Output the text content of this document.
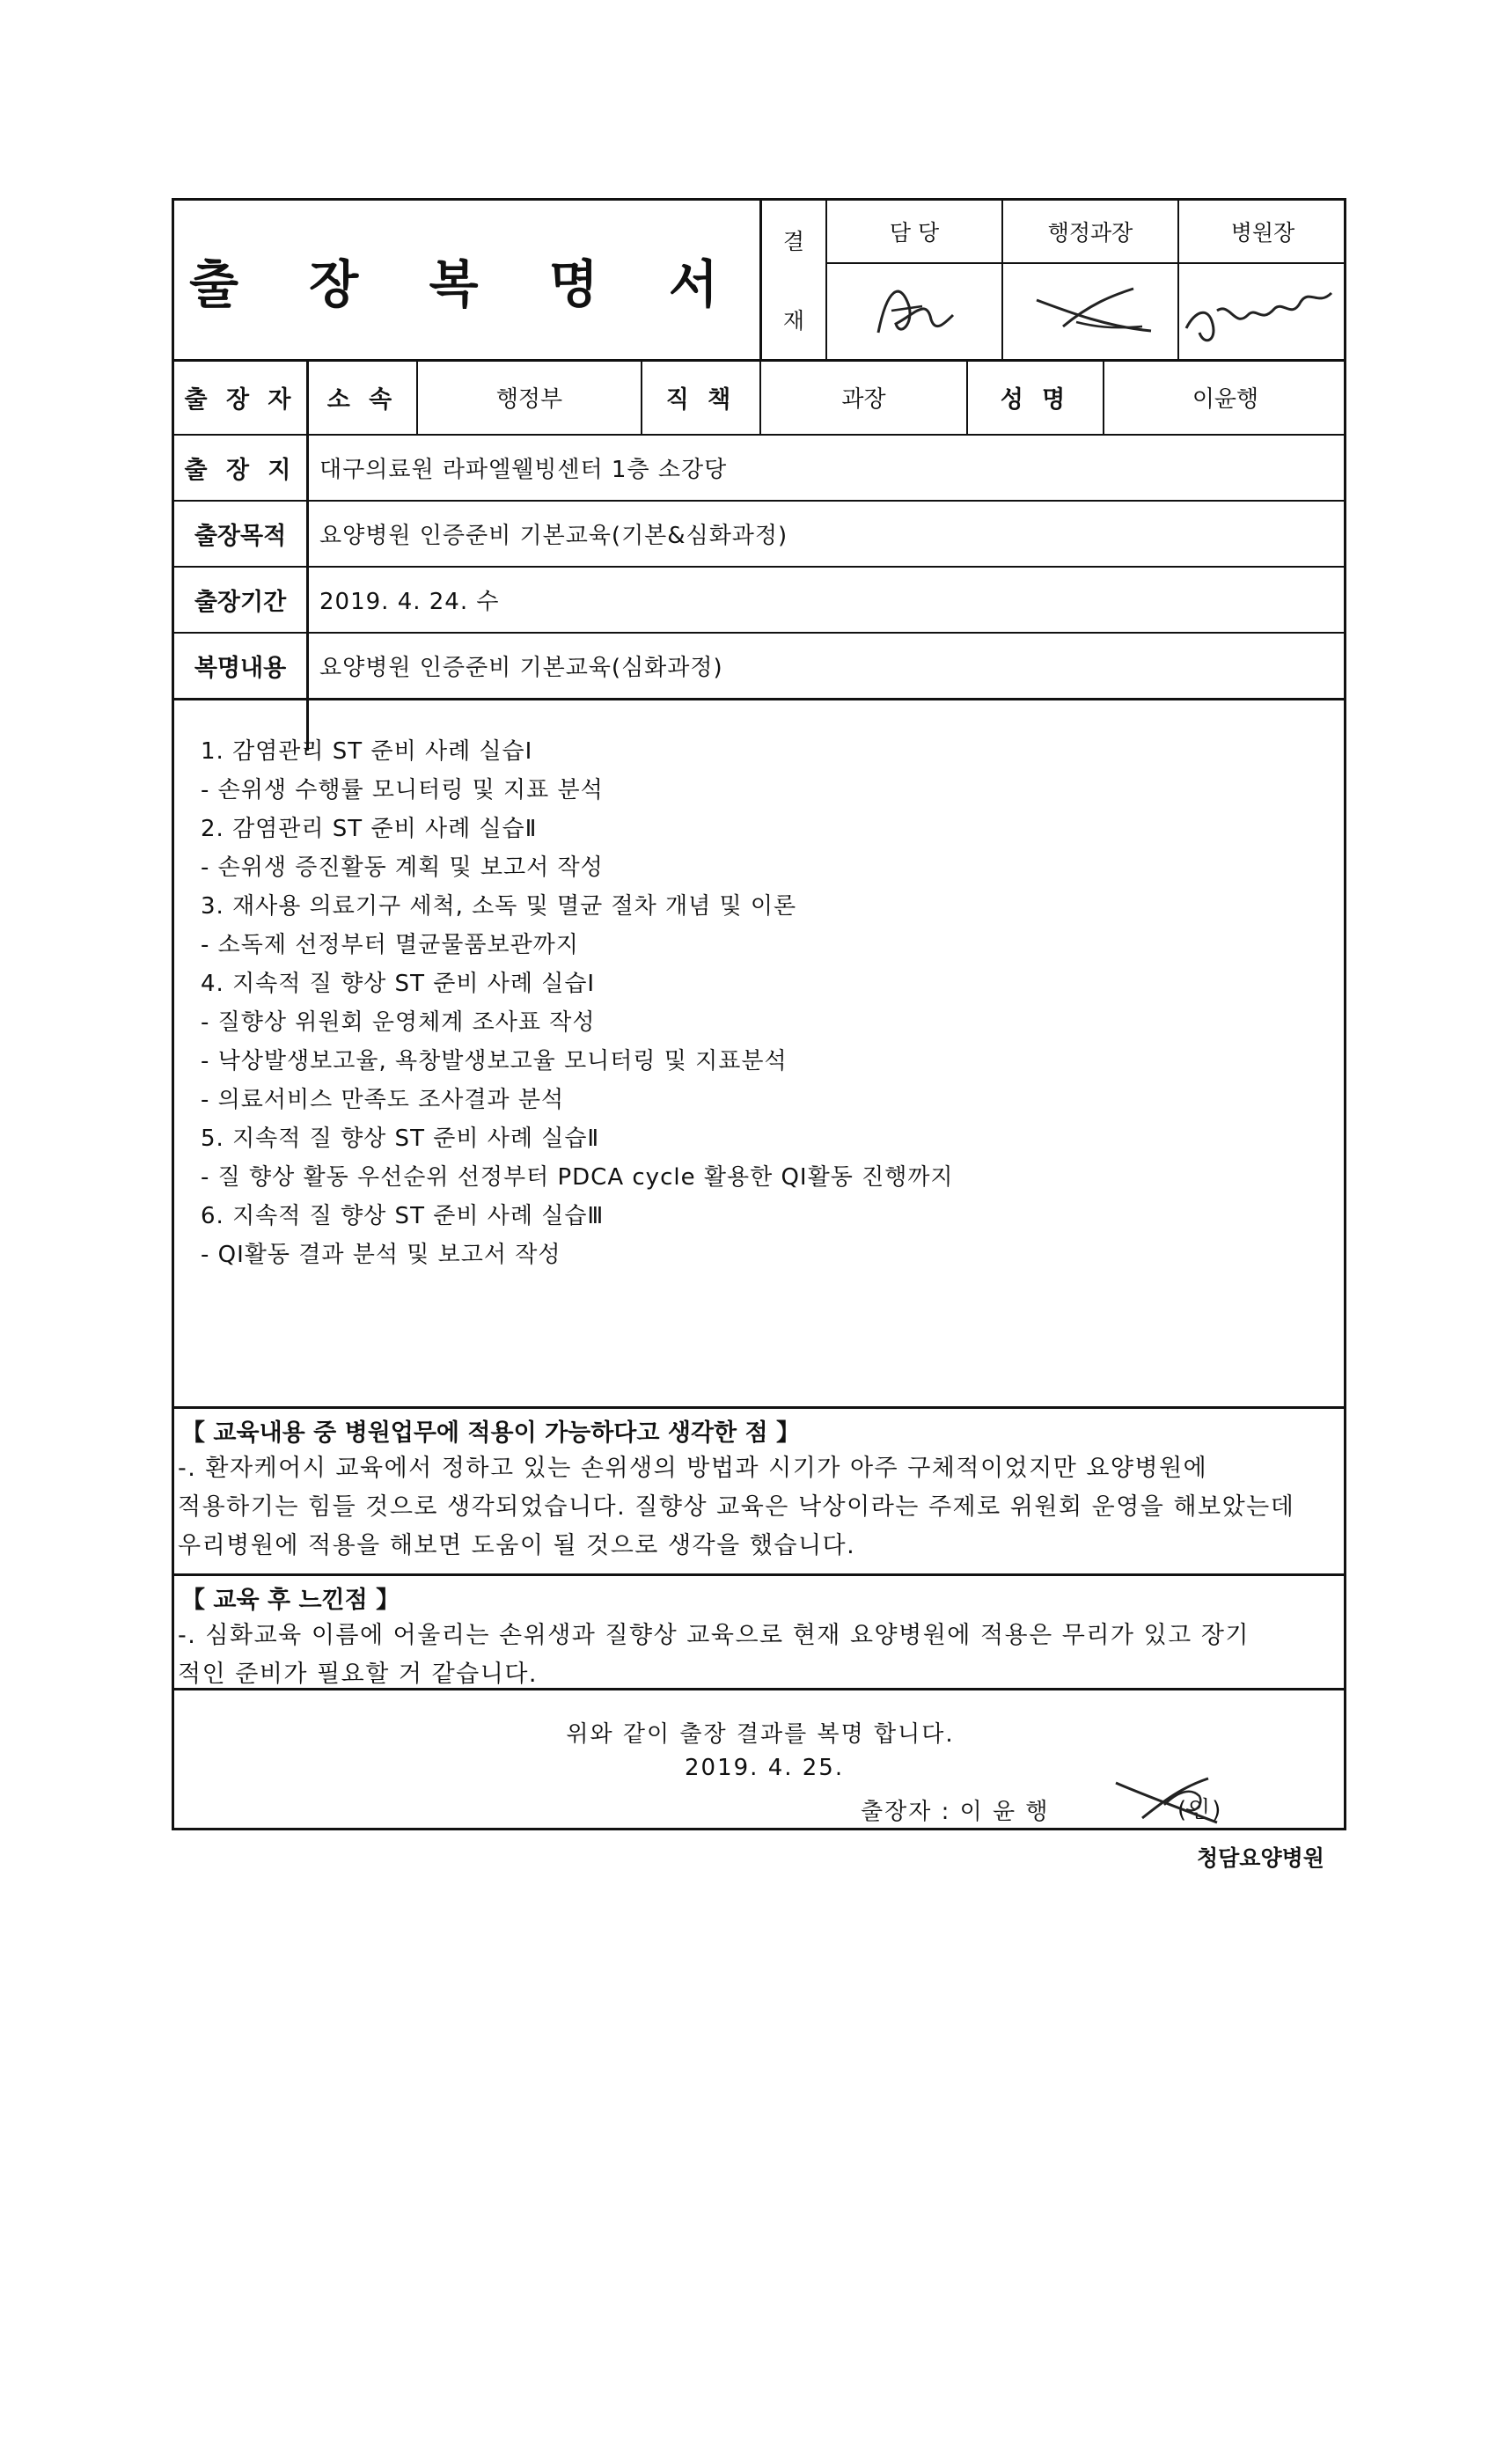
출 장 복 명 서
결
재
담 당	행정과장	병원장
출 장 자	소 속	행정부	직 책	과장	성 명	이윤행
출 장 지	대구의료원 라파엘웰빙센터 1층 소강당
출장목적	요양병원 인증준비 기본교육(기본&심화과정)
출장기간	2019. 4. 24. 수
복명내용	요양병원 인증준비 기본교육(심화과정)
1. 감염관리 ST 준비 사례 실습Ⅰ
- 손위생 수행률 모니터링 및 지표 분석
2. 감염관리 ST 준비 사례 실습Ⅱ
- 손위생 증진활동 계획 및 보고서 작성
3. 재사용 의료기구 세척, 소독 및 멸균 절차 개념 및 이론
- 소독제 선정부터 멸균물품보관까지
4. 지속적 질 향상 ST 준비 사례 실습Ⅰ
- 질향상 위원회 운영체계 조사표 작성
- 낙상발생보고율, 욕창발생보고율 모니터링 및 지표분석
- 의료서비스 만족도 조사결과 분석
5. 지속적 질 향상 ST 준비 사례 실습Ⅱ
- 질 향상 활동 우선순위 선정부터 PDCA cycle 활용한 QI활동 진행까지
6. 지속적 질 향상 ST 준비 사례 실습Ⅲ
- QI활동 결과 분석 및 보고서 작성
【 교육내용 중 병원업무에 적용이 가능하다고 생각한 점 】
-. 환자케어시 교육에서 정하고 있는 손위생의 방법과 시기가 아주 구체적이었지만 요양병원에
적용하기는 힘들 것으로 생각되었습니다. 질향상 교육은 낙상이라는 주제로 위원회 운영을 해보았는데
우리병원에 적용을 해보면 도움이 될 것으로 생각을 했습니다.
【 교육 후 느낀점 】
-. 심화교육 이름에 어울리는 손위생과 질향상 교육으로 현재 요양병원에 적용은 무리가 있고 장기
적인 준비가 필요할 거 같습니다.
위와 같이 출장 결과를 복명 합니다.
2019. 4. 25.
출장자 : 이 윤 행	(인)
청담요양병원
